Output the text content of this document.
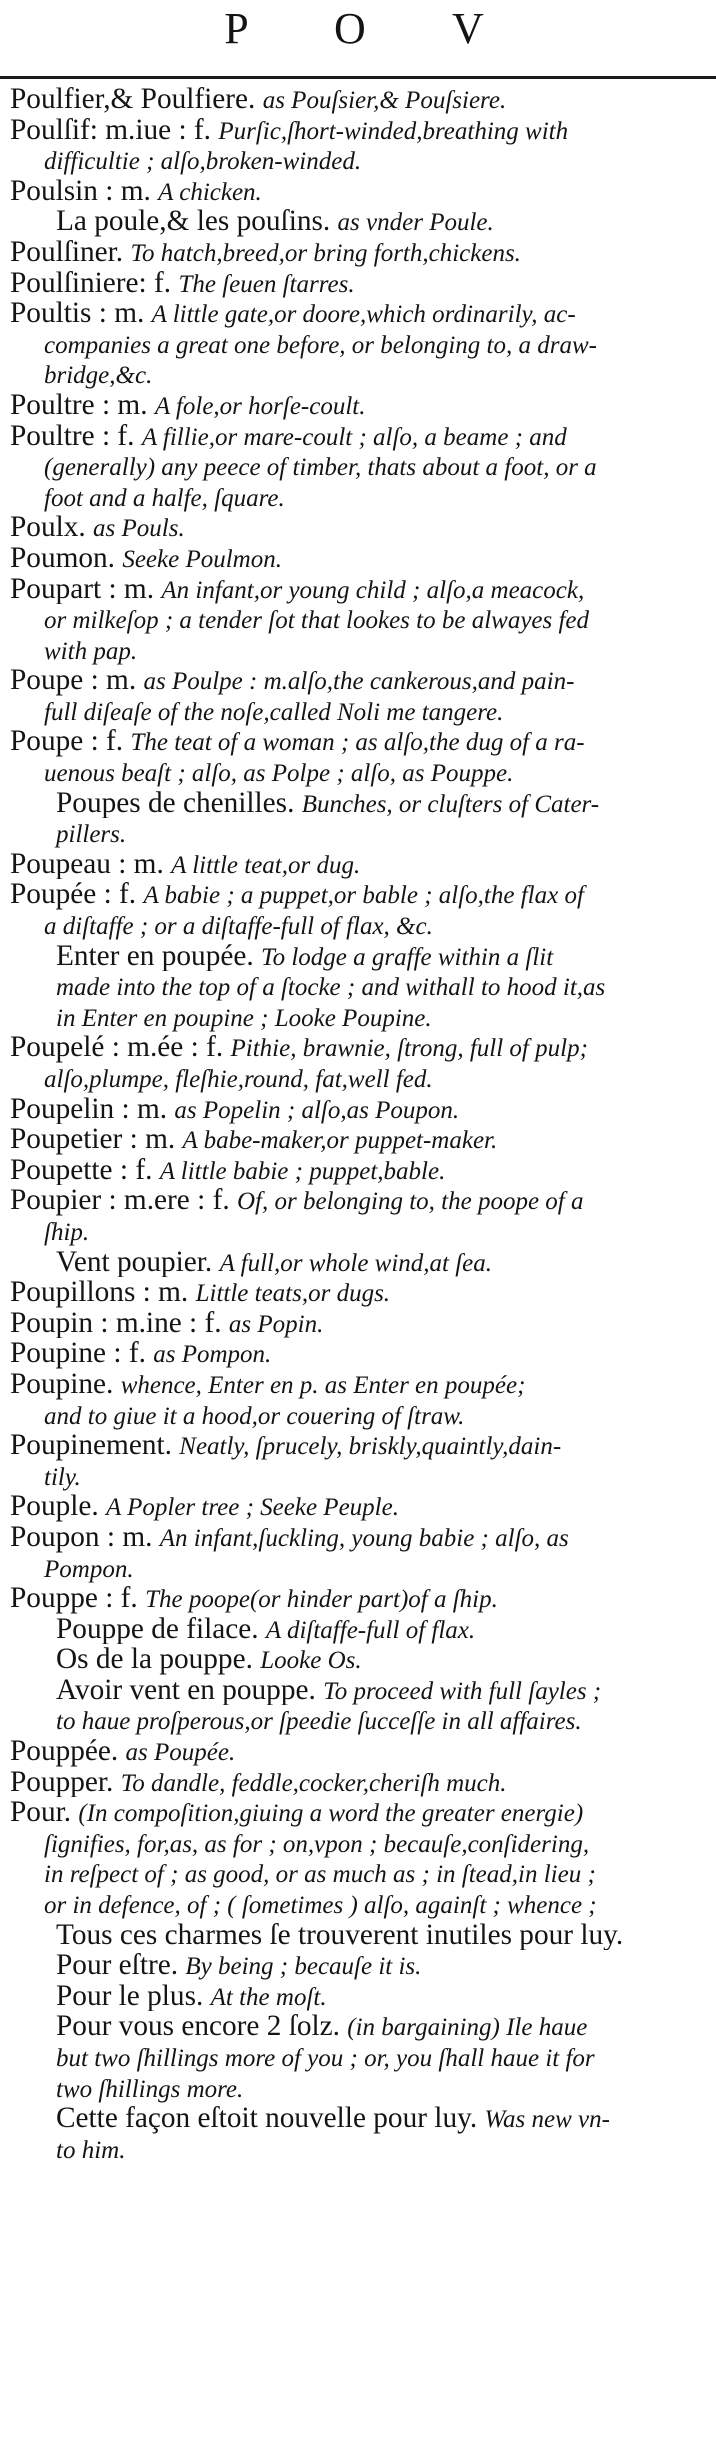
P O V
Poulfier,& Poulfiere. as Pouſsier,& Pouſsiere.
Poulſif: m.iue : f. Purſic,ſhort-winded,breathing with
difficultie ; alſo,broken-winded.
Poulsin : m. A chicken.
La poule,& les pouſins. as vnder Poule.
Poulſiner. To hatch,breed,or bring forth,chickens.
Poulſiniere: f. The ſeuen ſtarres.
Poultis : m. A little gate,or doore,which ordinarily, ac-
companies a great one before, or belonging to, a draw-
bridge,&c.
Poultre : m. A fole,or horſe-coult.
Poultre : f. A fillie,or mare-coult ; alſo, a beame ; and
(generally) any peece of timber, thats about a foot, or a
foot and a halfe, ſquare.
Poulx. as Pouls.
Poumon. Seeke Poulmon.
Poupart : m. An infant,or young child ; alſo,a meacock,
or milkeſop ; a tender ſot that lookes to be alwayes fed
with pap.
Poupe : m. as Poulpe : m.alſo,the cankerous,and pain-
full diſeaſe of the noſe,called Noli me tangere.
Poupe : f. The teat of a woman ; as alſo,the dug of a ra-
uenous beaſt ; alſo, as Polpe ; alſo, as Pouppe.
Poupes de chenilles. Bunches, or cluſters of Cater-
pillers.
Poupeau : m. A little teat,or dug.
Poupée : f. A babie ; a puppet,or bable ; alſo,the flax of
a diſtaffe ; or a diſtaffe-full of flax, &c.
Enter en poupée. To lodge a graffe within a ſlit
made into the top of a ſtocke ; and withall to hood it,as
in Enter en poupine ; Looke Poupine.
Poupelé : m.ée : f. Pithie, brawnie, ſtrong, full of pulp;
alſo,plumpe, fleſhie,round, fat,well fed.
Poupelin : m. as Popelin ; alſo,as Poupon.
Poupetier : m. A babe-maker,or puppet-maker.
Poupette : f. A little babie ; puppet,bable.
Poupier : m.ere : f. Of, or belonging to, the poope of a
ſhip.
Vent poupier. A full,or whole wind,at ſea.
Poupillons : m. Little teats,or dugs.
Poupin : m.ine : f. as Popin.
Poupine : f. as Pompon.
Poupine. whence, Enter en p. as Enter en poupée;
and to giue it a hood,or couering of ſtraw.
Poupinement. Neatly, ſprucely, briskly,quaintly,dain-
tily.
Pouple. A Popler tree ; Seeke Peuple.
Poupon : m. An infant,ſuckling, young babie ; alſo, as
Pompon.
Pouppe : f. The poope(or hinder part)of a ſhip.
Pouppe de filace. A diſtaffe-full of flax.
Os de la pouppe. Looke Os.
Avoir vent en pouppe. To proceed with full ſayles ;
to haue proſperous,or ſpeedie ſucceſſe in all affaires.
Pouppée. as Poupée.
Poupper. To dandle, feddle,cocker,cheriſh much.
Pour. (In compoſition,giuing a word the greater energie)
ſignifies, for,as, as for ; on,vpon ; becauſe,conſidering,
in reſpect of ; as good, or as much as ; in ſtead,in lieu ;
or in defence, of ; ( ſometimes ) alſo, againſt ; whence ;
Tous ces charmes ſe trouverent inutiles pour luy.
Pour eſtre. By being ; becauſe it is.
Pour le plus. At the moſt.
Pour vous encore 2 ſolz. (in bargaining) Ile haue
but two ſhillings more of you ; or, you ſhall haue it for
two ſhillings more.
Cette façon eſtoit nouvelle pour luy. Was new vn-
to him.
